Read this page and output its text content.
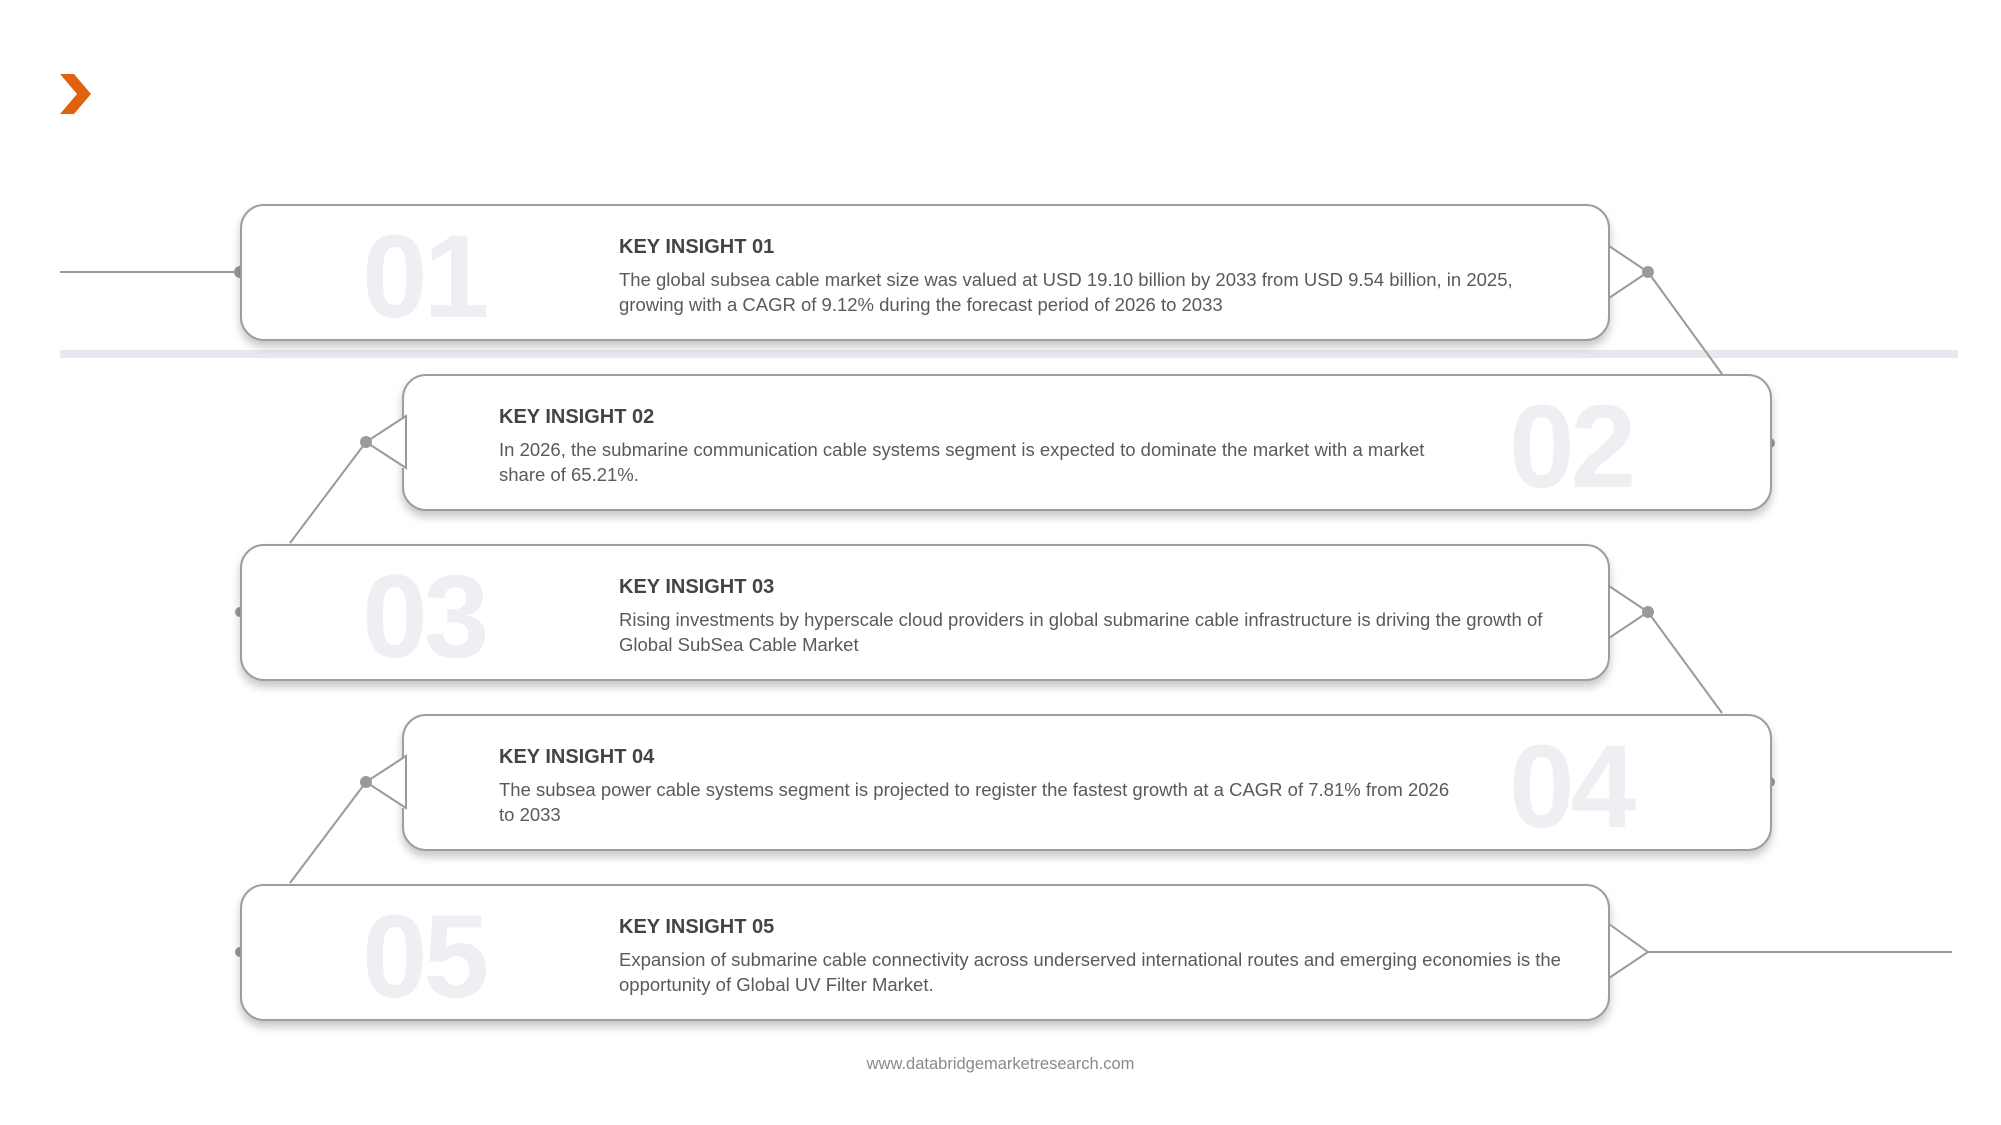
01	KEY INSIGHT 01
The global subsea cable market size was valued at USD 19.10 billion by 2033 from USD 9.54 billion, in 2025, growing with a CAGR of 9.12% during the forecast period of 2026 to 2033
02
KEY INSIGHT 02
In 2026, the submarine communication cable systems segment is expected to dominate the market with a market share of 65.21%.
03	KEY INSIGHT 03
Rising investments by hyperscale cloud providers in global submarine cable infrastructure is driving the growth of Global SubSea Cable Market
04
KEY INSIGHT 04
The subsea power cable systems segment is projected to register the fastest growth at a CAGR of 7.81% from 2026 to 2033
05	KEY INSIGHT 05
Expansion of submarine cable connectivity across underserved international routes and emerging economies is the opportunity of Global UV Filter Market.
www.databridgemarketresearch.com
